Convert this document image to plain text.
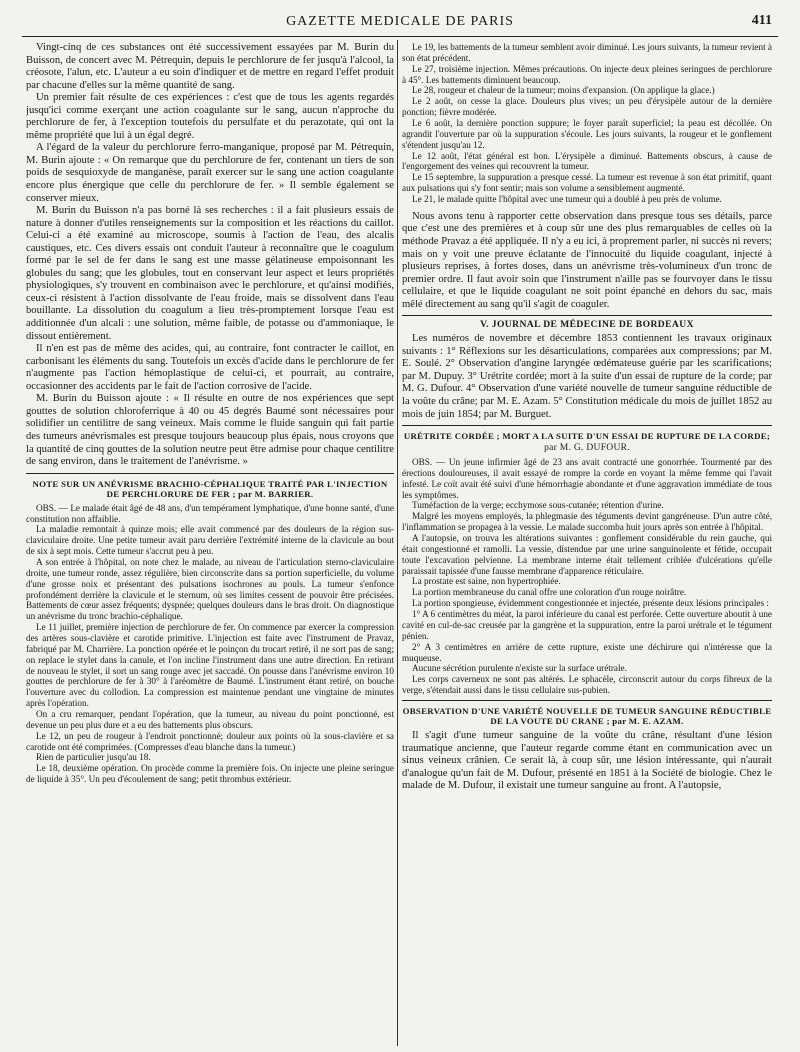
GAZETTE MEDICALE DE PARIS	411

Vingt-cinq de ces substances ont été successivement essayées par M. Burin du Buisson, de concert avec M. Pétrequin, depuis le perchlorure de fer jusqu'à l'alcool, la créosote, l'alun, etc. L'auteur a eu soin d'indiquer et de mettre en regard l'effet produit par chacune d'elles sur la même quantité de sang.

Un premier fait résulte de ces expériences : c'est que de tous les agents regardés jusqu'ici comme exerçant une action coagulante sur le sang, aucun n'approche du perchlorure de fer, à l'exception toutefois du persulfate et du perazotate, qui ont la même propriété que lui à un égal degré.

A l'égard de la valeur du perchlorure ferro-manganique, proposé par M. Pétrequin, M. Burin ajoute : « On remarque que du perchlorure de fer, contenant un tiers de son poids de sesquioxyde de manganèse, paraît exercer sur le sang une action coagulante encore plus énergique que celle du perchlorure de fer. » Il semble également se conserver mieux.

M. Burin du Buisson n'a pas borné là ses recherches : il a fait plusieurs essais de nature à donner d'utiles renseignements sur la composition et les réactions du caillot. Celui-ci a été examiné au microscope, soumis à l'action de l'eau, des alcalis caustiques, etc. Ces divers essais ont conduit l'auteur à reconnaître que le coagulum formé par le sel de fer dans le sang est une masse gélatineuse empoisonnant les globules du sang; que les globules, tout en conservant leur aspect et leurs propriétés physiologiques, s'y trouvent en combinaison avec le perchlorure, et qu'ainsi modifiés, ceux-ci résistent à l'action dissolvante de l'eau froide, mais se dissolvent dans l'eau bouillante. La dissolution du coagulum a lieu très-promptement lorsque l'eau est additionnée d'un alcali : une solution, même faible, de potasse ou d'ammoniaque, le dissout entièrement.

Il n'en est pas de même des acides, qui, au contraire, font contracter le caillot, en carbonisant les éléments du sang. Toutefois un excès d'acide dans le perchlorure de fer n'augmente pas l'action hémoplastique de celui-ci, et pourrait, au contraire, occasionner des accidents par le fait de l'action corrosive de l'acide.

M. Burin du Buisson ajoute : « Il résulte en outre de nos expériences que sept gouttes de solution chloroferrique à 40 ou 45 degrés Baumé sont nécessaires pour solidifier un centilitre de sang veineux. Mais comme le fluide sanguin qui fait partie des tumeurs anévrismales est presque toujours beaucoup plus épais, nous croyons que la quantité de cinq gouttes de la solution neutre peut être admise pour chaque centilitre de sang environ, dans le traitement de l'anévrisme. »

NOTE SUR UN ANÉVRISME BRACHIO-CÉPHALIQUE TRAITÉ PAR L'INJECTION DE PERCHLORURE DE FER ; par M. BARRIER.

OBS. — Le malade était âgé de 48 ans, d'un tempérament lymphatique, d'une bonne santé, d'une constitution non affaiblie.

La maladie remontait à quinze mois; elle avait commencé par des douleurs de la région sus-claviculaire droite. Une petite tumeur avait paru derrière l'extrémité interne de la clavicule au bout de six à sept mois. Cette tumeur s'accrut peu à peu.

A son entrée à l'hôpital, on note chez le malade, au niveau de l'articulation sterno-claviculaire droite, une tumeur ronde, assez régulière, bien circonscrite dans sa portion superficielle, du volume d'une grosse noix et présentant des pulsations isochrones au pouls. La tumeur s'enfonce profondément derrière la clavicule et le sternum, où ses limites cessent de pouvoir être précisées. Battements de cœur assez fréquents; dyspnée; quelques douleurs dans le bras droit. On diagnostique un anévrisme du tronc brachio-céphalique.

Le 11 juillet, première injection de perchlorure de fer. On commence par exercer la compression des artères sous-clavière et carotide primitive. L'injection est faite avec l'instrument de Pravaz, fabriqué par M. Charrière. La ponction opérée et le poinçon du trocart retiré, il ne sort pas de sang; on replace le stylet dans la canule, et l'on incline l'instrument dans une autre direction. En retirant de nouveau le stylet, il sort un sang rouge avec jet saccadé. On pousse dans l'anévrisme environ 10 gouttes de perchlorure de fer à 30° à l'aréomètre de Baumé. L'instrument étant retiré, on bouche l'ouverture avec du collodion. La compression est maintenue pendant une vingtaine de minutes après l'opération.

On a cru remarquer, pendant l'opération, que la tumeur, au niveau du point ponctionné, est devenue un peu plus dure et a eu des battements plus obscurs.

Le 12, un peu de rougeur à l'endroit ponctionné; douleur aux points où la sous-clavière et sa carotide ont été comprimées. (Compresses d'eau blanche dans la tumeur.)

Rien de particulier jusqu'au 18.

Le 18, deuxième opération. On procède comme la première fois. On injecte une pleine seringue de liquide à 35°. Un peu d'écoulement de sang; petit thrombus extérieur.

Le 19, les battements de la tumeur semblent avoir diminué. Les jours suivants, la tumeur revient à son état précédent.

Le 27, troisième injection. Mêmes précautions. On injecte deux pleines seringues de perchlorure à 45°. Les battements diminuent beaucoup.

Le 28, rougeur et chaleur de la tumeur; moins d'expansion. (On applique la glace.)

Le 2 août, on cesse la glace. Douleurs plus vives; un peu d'érysipèle autour de la dernière ponction; fièvre modérée.

Le 6 août, la dernière ponction suppure; le foyer paraît superficiel; la peau est décollée. On agrandit l'ouverture par où la suppuration s'écoule. Les jours suivants, la rougeur et le gonflement s'étendent jusqu'au 12.

Le 12 août, l'état général est bon. L'érysipèle a diminué. Battements obscurs, à cause de l'engorgement des veines qui recouvrent la tumeur.

Le 15 septembre, la suppuration a presque cessé. La tumeur est revenue à son état primitif, quant aux pulsations qui s'y font sentir; mais son volume a sensiblement augmenté.

Le 21, le malade quitte l'hôpital avec une tumeur qui a doublé à peu près de volume.

Nous avons tenu à rapporter cette observation dans presque tous ses détails, parce que c'est une des premières et à coup sûr une des plus remarquables de celles où la méthode Pravaz a été appliquée. Il n'y a eu ici, à proprement parler, ni succès ni revers; mais on y voit une preuve éclatante de l'innocuité du liquide coagulant, injecté à plusieurs reprises, à fortes doses, dans un anévrisme très-volumineux d'un tronc de premier ordre. Il faut avoir soin que l'instrument n'aille pas se fourvoyer dans le tissu cellulaire, et que le liquide coagulant ne soit point épanché en dehors du sac, mais mêlé directement au sang qu'il s'agit de coaguler.

V. JOURNAL DE MÉDECINE DE BORDEAUX

Les numéros de novembre et décembre 1853 contiennent les travaux originaux suivants : 1° Réflexions sur les désarticulations, comparées aux compressions; par M. E. Soulé. 2° Observation d'angine laryngée œdémateuse guérie par les scarifications; par M. Dupuy. 3° Urétrite cordée; mort à la suite d'un essai de rupture de la corde; par M. G. Dufour. 4° Observation d'une variété nouvelle de tumeur sanguine réductible de la voûte du crâne; par M. E. Azam. 5° Constitution médicale du mois de juillet 1852 au mois de juin 1854; par M. Burguet.

URÉTRITE CORDÉE ; MORT A LA SUITE D'UN ESSAI DE RUPTURE DE LA CORDE;
par M. G. DUFOUR.

OBS. — Un jeune infirmier âgé de 23 ans avait contracté une gonorrhée. Tourmenté par des érections douloureuses, il avait essayé de rompre la corde en voyant la même femme qui l'avait infesté. Le coït avait été suivi d'une hémorrhagie abondante et d'une aggravation immédiate de tous les symptômes.

Tuméfaction de la verge; ecchymose sous-cutanée; rétention d'urine.

Malgré les moyens employés, la phlegmasie des téguments devint gangréneuse. D'un autre côté, l'inflammation se propagea à la vessie. Le malade succomba huit jours après son entrée à l'hôpital.

A l'autopsie, on trouva les altérations suivantes : gonflement considérable du rein gauche, qui était congestionné et ramolli. La vessie, distendue par une urine sanguinolente et fétide, occupait toute l'excavation pelvienne. La membrane interne était tellement criblée d'ulcérations qu'elle paraissait tapissée d'une fausse membrane d'apparence réticulaire.

La prostate est saine, non hypertrophiée.

La portion membraneuse du canal offre une coloration d'un rouge noirâtre.

La portion spongieuse, évidemment congestionnée et injectée, présente deux lésions principales :

1° A 6 centimètres du méat, la paroi inférieure du canal est perforée. Cette ouverture aboutit à une cavité en cul-de-sac creusée par la gangrène et la suppuration, entre la paroi urétrale et le tégument pénien.

2° A 3 centimètres en arrière de cette rupture, existe une déchirure qui n'intéresse que la muqueuse.

Aucune sécrétion purulente n'existe sur la surface urétrale.

Les corps caverneux ne sont pas altérés. Le sphacèle, circonscrit autour du corps fibreux de la verge, s'étendait aussi dans le tissu cellulaire sus-pubien.

OBSERVATION D'UNE VARIÉTÉ NOUVELLE DE TUMEUR SANGUINE RÉDUCTIBLE DE LA VOUTE DU CRANE ; par M. E. AZAM.

Il s'agit d'une tumeur sanguine de la voûte du crâne, résultant d'une lésion traumatique ancienne, que l'auteur regarde comme étant en communication avec un sinus veineux crânien. Ce serait là, à coup sûr, une lésion intéressante, qui n'aurait d'analogue qu'un fait de M. Dufour, présenté en 1851 à la Société de biologie. Chez le malade de M. Dufour, il existait une tumeur sanguine au front. A l'autopsie,
